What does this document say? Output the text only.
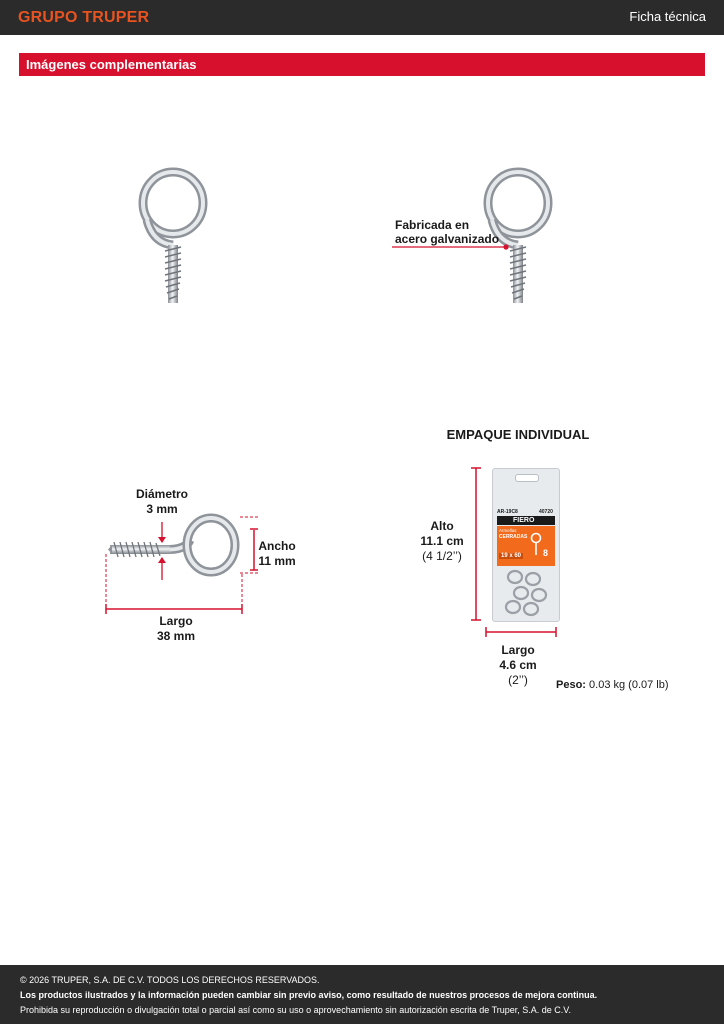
GRUPO TRUPER	Ficha técnica
Imágenes complementarias
Fabricada en
acero galvanizado
Diámetro
3 mm
Ancho
11 mm
Largo
38 mm
EMPAQUE INDIVIDUAL
AR-19C8	40720
FIERO
Armellas
CERRADAS
19 x 60 8
Alto
11.1 cm
(4 1/2’’)
Largo
4.6 cm
(2’’)	Peso: 0.03 kg (0.07 lb)
© 2026 TRUPER, S.A. DE C.V. TODOS LOS DERECHOS RESERVADOS.
Los productos ilustrados y la información pueden cambiar sin previo aviso, como resultado de nuestros procesos de mejora continua.
Prohibida su reproducción o divulgación total o parcial así como su uso o aprovechamiento sin autorización escrita de Truper, S.A. de C.V.
